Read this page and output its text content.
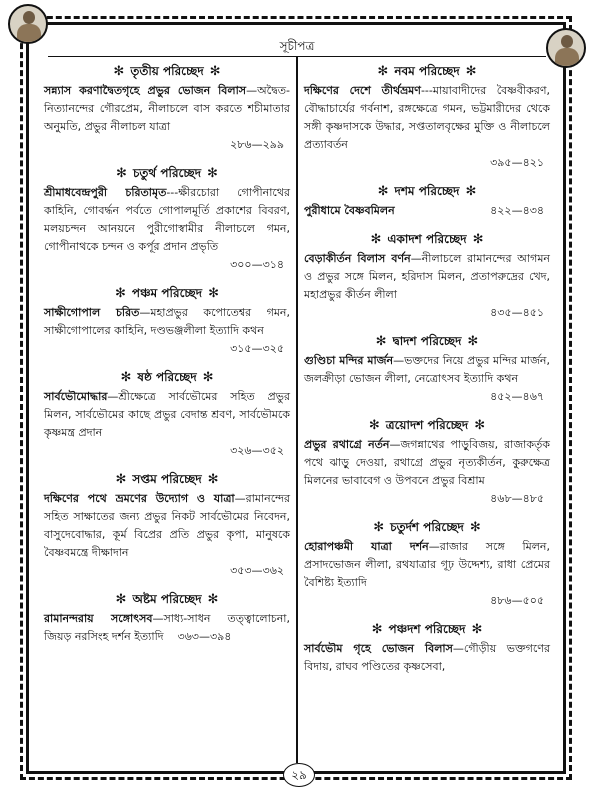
সূচীপত্র
✻ তৃতীয় পরিচ্ছেদ ✻
সন্ন্যাস করণাদ্বৈতগৃহে প্রভুর ভোজন বিলাস—অদ্বৈত-নিত্যানন্দের গৌরপ্রেম, নীলাচলে বাস করতে শচীমাতার অনুমতি, প্রভুর নীলাচল যাত্রা
২৮৬—২৯৯
✻ চতুর্থ পরিচ্ছেদ ✻
শ্রীমাধবেন্দ্রপুরী চরিতামৃত---ক্ষীরচোরা গোপীনাথের কাহিনি, গোবর্দ্ধন পর্বতে গোপালমূর্তি প্রকাশের বিবরণ, মলয়চন্দন আনয়নে পুরীগোস্বামীর নীলাচলে গমন, গোপীনাথকে চন্দন ও কর্পূর প্রদান প্রভৃতি
৩০০—৩১৪
✻ পঞ্চম পরিচ্ছেদ ✻
সাক্ষীগোপাল চরিত—মহাপ্রভুর কপোতেশ্বর গমন, সাক্ষীগোপালের কাহিনি, দণ্ডভঞ্জলীলা ইত্যাদি কথন
৩১৫—৩২৫
✻ ষষ্ঠ পরিচ্ছেদ ✻
সার্বভৌমোদ্ধার—শ্রীক্ষেত্রে সার্বভৌমের সহিত প্রভুর মিলন, সার্বভৌমের কাছে প্রভুর বেদান্ত শ্রবণ, সার্বভৌমকে কৃষ্ণমন্ত্র প্রদান
৩২৬—৩৫২
✻ সপ্তম পরিচ্ছেদ ✻
দক্ষিণের পথে ভ্রমণের উদ্যোগ ও যাত্রা—রামানন্দের সহিত সাক্ষাতের জন্য প্রভুর নিকট সার্বভৌমের নিবেদন, বাসুদেবোদ্ধার, কূর্ম বিপ্রের প্রতি প্রভুর কৃপা, মানুষকে বৈষ্ণবমন্ত্রে দীক্ষাদান
৩৫৩—৩৬২
✻ অষ্টম পরিচ্ছেদ ✻
রামানন্দরায় সঙ্গোৎসব—সাধ্য-সাধন তত্ত্বালোচনা, জিয়ড় নরসিংহ দর্শন ইত্যাদি ৩৬৩—৩৯৪
✻ নবম পরিচ্ছেদ ✻
দক্ষিণের দেশে তীর্থভ্রমণ---মায়াবাদীদের বৈষ্ণবীকরণ, বৌদ্ধাচার্যের গর্বনাশ, রঙ্গক্ষেত্রে গমন, ভট্টমারীদের থেকে সঙ্গী কৃষ্ণদাসকে উদ্ধার, সপ্ততালবৃক্ষের মুক্তি ও নীলাচলে প্রত্যাবর্তন
৩৯৫—৪২১
✻ দশম পরিচ্ছেদ ✻
পুরীধামে বৈষ্ণবমিলন	৪২২—৪৩৪
✻ একাদশ পরিচ্ছেদ ✻
বেড়াকীর্তন বিলাস বর্ণন—নীলাচলে রামানন্দের আগমন ও প্রভুর সঙ্গে মিলন, হরিদাস মিলন, প্রতাপরুদ্রের খেদ, মহাপ্রভুর কীর্তন লীলা
৪৩৫—৪৫১
✻ দ্বাদশ পরিচ্ছেদ ✻
গুণ্ডিচা মন্দির মার্জন—ভক্তদের নিয়ে প্রভুর মন্দির মার্জন, জলক্রীড়া ভোজন লীলা, নেত্রোৎসব ইত্যাদি কথন
৪৫২—৪৬৭
✻ ত্রয়োদশ পরিচ্ছেদ ✻
প্রভুর রথাগ্রে নর্তন—জগন্নাথের পাড়ুবিজয়, রাজাকর্তৃক পথে ঝাড়ু দেওয়া, রথাগ্রে প্রভুর নৃত্যকীর্তন, কুরুক্ষেত্র মিলনের ভাবাবেগ ও উপবনে প্রভুর বিশ্রাম
৪৬৮—৪৮৫
✻ চতুর্দশ পরিচ্ছেদ ✻
হোরাপঞ্চমী যাত্রা দর্শন—রাজার সঙ্গে মিলন, প্রসাদভোজন লীলা, রথযাত্রার গূঢ় উদ্দেশ্য, রাধা প্রেমের বৈশিষ্ট্য ইত্যাদি
৪৮৬—৫০৫
✻ পঞ্চদশ পরিচ্ছেদ ✻
সার্বভৌম গৃহে ভোজন বিলাস—গৌড়ীয় ভক্তগণের বিদায়, রাঘব পণ্ডিতের কৃষ্ণসেবা,
২৯
